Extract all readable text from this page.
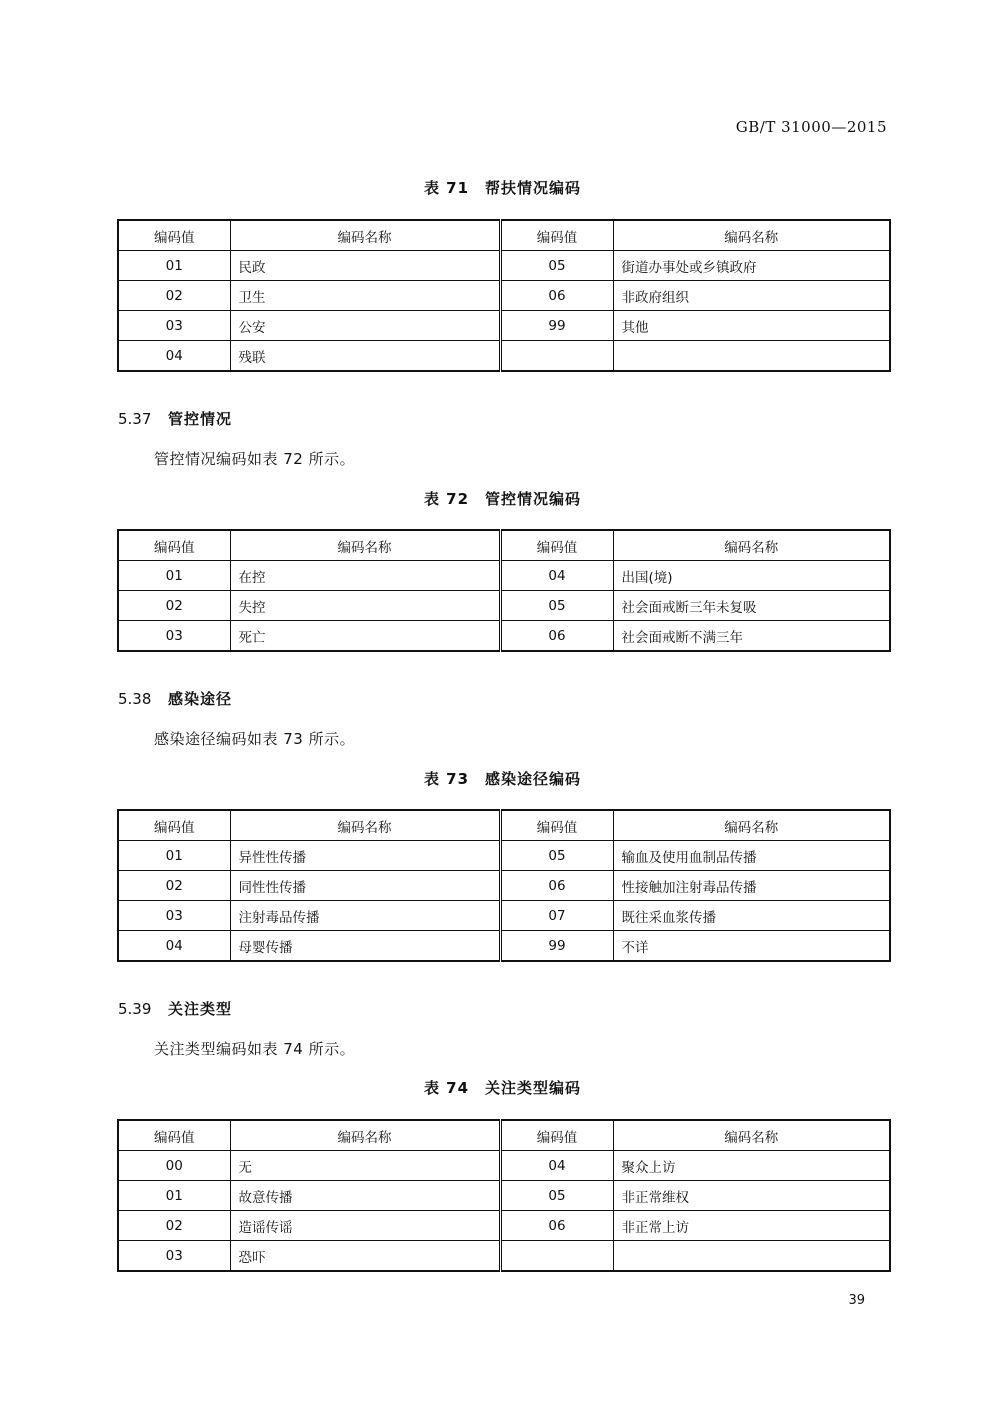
GB/T 31000—2015
表 71　帮扶情况编码
编码值	编码名称	编码值	编码名称
01	民政	05	街道办事处或乡镇政府
02	卫生	06	非政府组织
03	公安	99	其他
04	残联		
5.37 管控情况
管控情况编码如表 72 所示。
表 72　管控情况编码
编码值	编码名称	编码值	编码名称
01	在控	04	出国(境)
02	失控	05	社会面戒断三年未复吸
03	死亡	06	社会面戒断不满三年
5.38 感染途径
感染途径编码如表 73 所示。
表 73　感染途径编码
编码值	编码名称	编码值	编码名称
01	异性性传播	05	输血及使用血制品传播
02	同性性传播	06	性接触加注射毒品传播
03	注射毒品传播	07	既往采血浆传播
04	母婴传播	99	不详
5.39 关注类型
关注类型编码如表 74 所示。
表 74　关注类型编码
编码值	编码名称	编码值	编码名称
00	无	04	聚众上访
01	故意传播	05	非正常维权
02	造谣传谣	06	非正常上访
03	恐吓		
39
